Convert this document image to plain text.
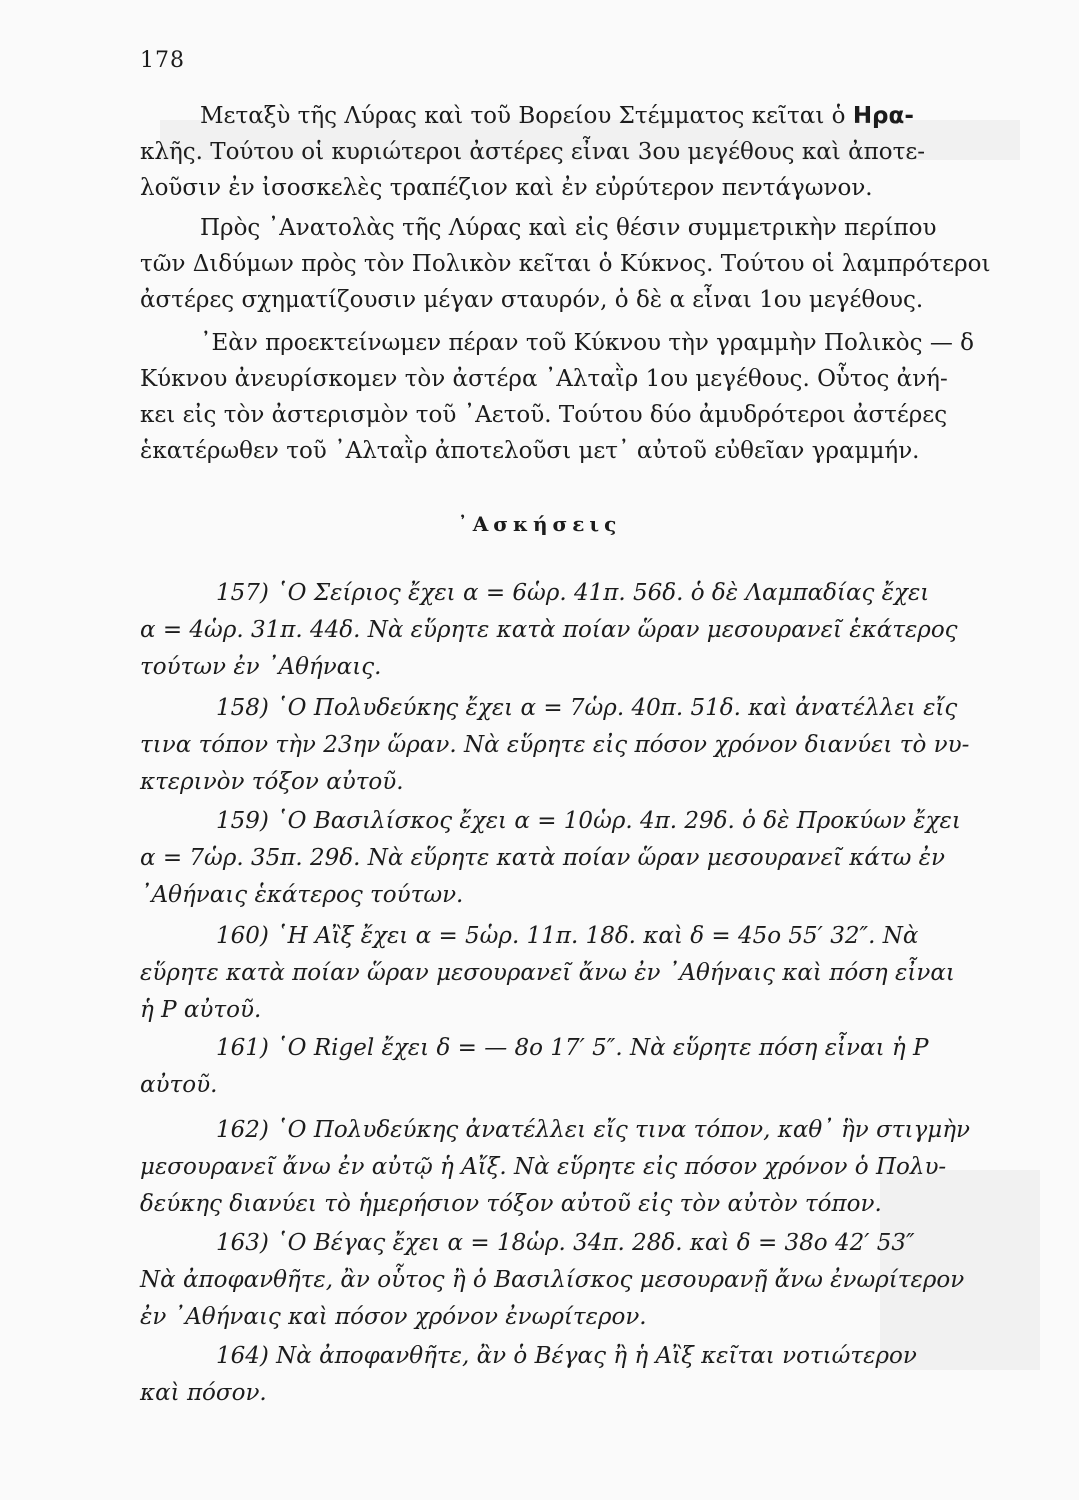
178
Μεταξὺ τῆς Λύρας καὶ τοῦ Βορείου Στέμματος κεῖται ὁ Ηρα-
κλῆς. Τούτου οἱ κυριώτεροι ἀστέρες εἶναι 3ου μεγέθους καὶ ἀποτε-
λοῦσιν ἐν ἰσοσκελὲς τραπέζιον καὶ ἐν εὐρύτερον πεντάγωνον.
Πρὸς ᾿Ανατολὰς τῆς Λύρας καὶ εἰς θέσιν συμμετρικὴν περίπου
τῶν Διδύμων πρὸς τὸν Πολικὸν κεῖται ὁ Κύκνος. Τούτου οἱ λαμπρότεροι
ἀστέρες σχηματίζουσιν μέγαν σταυρόν, ὁ δὲ α εἶναι 1ου μεγέθους.
᾿Εὰν προεκτείνωμεν πέραν τοῦ Κύκνου τὴν γραμμὴν Πολικὸς — δ
Κύκνου ἀνευρίσκομεν τὸν ἀστέρα ᾿Αλταῒρ 1ου μεγέθους. Οὗτος ἀνή-
κει εἰς τὸν ἀστερισμὸν τοῦ ᾿Αετοῦ. Τούτου δύο ἀμυδρότεροι ἀστέρες
ἑκατέρωθεν τοῦ ᾿Αλταῒρ ἀποτελοῦσι μετ᾿ αὐτοῦ εὐθεῖαν γραμμήν.
᾿Ασκήσεις
157) ῾Ο Σείριος ἔχει α = 6ὡρ. 41π. 56δ. ὁ δὲ Λαμπαδίας ἔχει
α = 4ὡρ. 31π. 44δ. Νὰ εὕρητε κατὰ ποίαν ὥραν μεσουρανεῖ ἑκάτερος
τούτων ἐν ᾿Αθήναις.
158) ῾Ο Πολυδεύκης ἔχει α = 7ὡρ. 40π. 51δ. καὶ ἀνατέλλει εἴς
τινα τόπον τὴν 23ην ὥραν. Νὰ εὕρητε εἰς πόσον χρόνον διανύει τὸ νυ-
κτερινὸν τόξον αὐτοῦ.
159) ῾Ο Βασιλίσκος ἔχει α = 10ὡρ. 4π. 29δ. ὁ δὲ Προκύων ἔχει
α = 7ὡρ. 35π. 29δ. Νὰ εὕρητε κατὰ ποίαν ὥραν μεσουρανεῖ κάτω ἐν
᾿Αθήναις ἑκάτερος τούτων.
160) ῾Η Αἲξ ἔχει α = 5ὡρ. 11π. 18δ. καὶ δ = 45ο 55′ 32″. Νὰ
εὕρητε κατὰ ποίαν ὥραν μεσουρανεῖ ἄνω ἐν ᾿Αθήναις καὶ πόση εἶναι
ἡ P αὐτοῦ.
161) ῾Ο Rigel ἔχει δ = — 8ο 17′ 5″. Νὰ εὕρητε πόση εἶναι ἡ P
αὐτοῦ.
162) ῾Ο Πολυδεύκης ἀνατέλλει εἴς τινα τόπον, καθ᾿ ἣν στιγμὴν
μεσουρανεῖ ἄνω ἐν αὐτῷ ἡ Αἴξ. Νὰ εὕρητε εἰς πόσον χρόνον ὁ Πολυ-
δεύκης διανύει τὸ ἡμερήσιον τόξον αὐτοῦ εἰς τὸν αὐτὸν τόπον.
163) ῾Ο Βέγας ἔχει α = 18ὡρ. 34π. 28δ. καὶ δ = 38ο 42′ 53″
Νὰ ἀποφανθῆτε, ἂν οὗτος ἢ ὁ Βασιλίσκος μεσουρανῇ ἄνω ἐνωρίτερον
ἐν ᾿Αθήναις καὶ πόσον χρόνον ἐνωρίτερον.
164) Νὰ ἀποφανθῆτε, ἂν ὁ Βέγας ἢ ἡ Αἲξ κεῖται νοτιώτερον
καὶ πόσον.
